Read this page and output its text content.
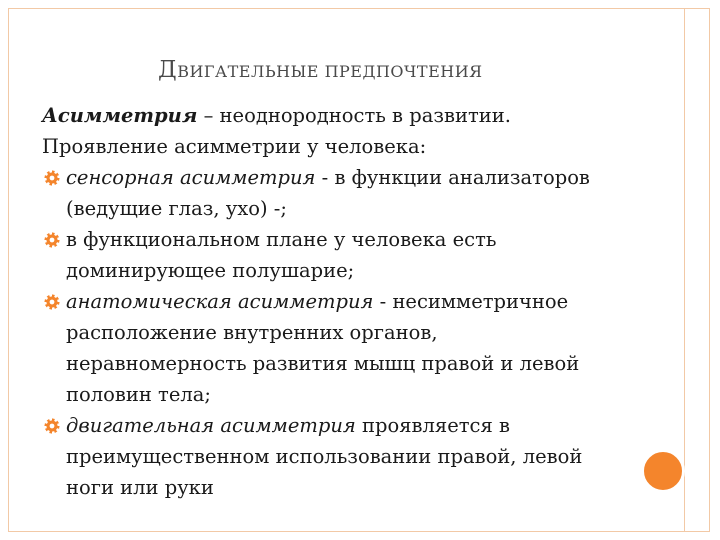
ДВИГАТЕЛЬНЫЕ ПРЕДПОЧТЕНИЯ
Асимметрия – неоднородность в развитии.
Проявление асимметрии у человека:
сенсорная асимметрия - в функции анализаторов
(ведущие глаз, ухо) -;
в функциональном плане у человека есть
доминирующее полушарие;
анатомическая асимметрия - несимметричное
расположение внутренних органов,
неравномерность развития мышц правой и левой
половин тела;
двигательная асимметрия проявляется в
преимущественном использовании правой, левой
ноги или руки
